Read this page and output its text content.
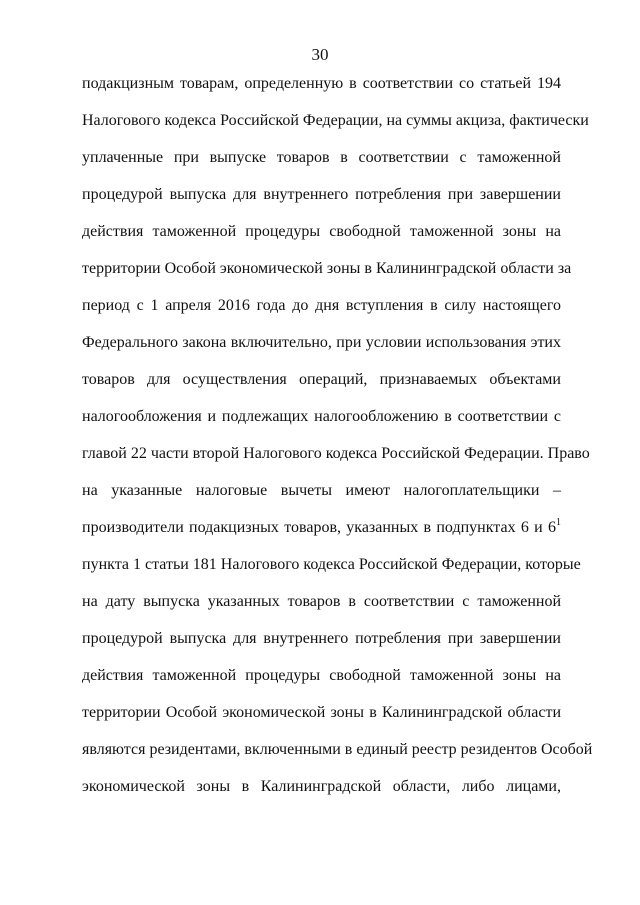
30
подакцизным товарам, определенную в соответствии со статьей 194
Налогового кодекса Российской Федерации, на суммы акциза, фактически
уплаченные при выпуске товаров в соответствии с таможенной
процедурой выпуска для внутреннего потребления при завершении
действия таможенной процедуры свободной таможенной зоны на
территории Особой экономической зоны в Калининградской области за
период с 1 апреля 2016 года до дня вступления в силу настоящего
Федерального закона включительно, при условии использования этих
товаров для осуществления операций, признаваемых объектами
налогообложения и подлежащих налогообложению в соответствии с
главой 22 части второй Налогового кодекса Российской Федерации. Право
на указанные налоговые вычеты имеют налогоплательщики –
производители подакцизных товаров, указанных в подпунктах 6 и $6^1$
пункта 1 статьи 181 Налогового кодекса Российской Федерации, которые
на дату выпуска указанных товаров в соответствии с таможенной
процедурой выпуска для внутреннего потребления при завершении
действия таможенной процедуры свободной таможенной зоны на
территории Особой экономической зоны в Калининградской области
являются резидентами, включенными в единый реестр резидентов Особой
экономической зоны в Калининградской области, либо лицами,
